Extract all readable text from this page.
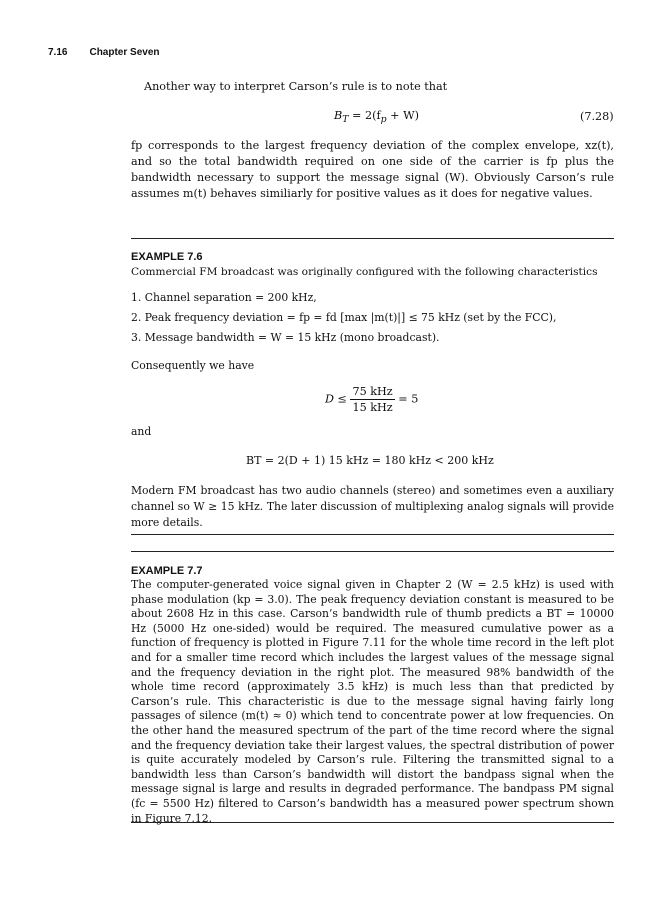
7.16 Chapter Seven
Another way to interpret Carson’s rule is to note that
$B_T = 2(f_p + W)$	(7.28)
fp corresponds to the largest frequency deviation of the complex envelope, xz(t), and so the total bandwidth required on one side of the carrier is fp plus the bandwidth necessary to support the message signal (W). Obviously Carson’s rule assumes m(t) behaves similiarly for positive values as it does for negative values.
EXAMPLE 7.6
Commercial FM broadcast was originally configured with the following characteristics
1. Channel separation = 200 kHz,
2. Peak frequency deviation = fp = fd [max |m(t)|] ≤ 75 kHz (set by the FCC),
3. Message bandwidth = W = 15 kHz (mono broadcast).
Consequently we have
$D \le \frac{\text{75 kHz}}{\text{15 kHz}} = 5$
and
BT = 2(D + 1) 15 kHz = 180 kHz < 200 kHz
Modern FM broadcast has two audio channels (stereo) and sometimes even a auxiliary channel so W ≥ 15 kHz. The later discussion of multiplexing analog signals will provide more details.
EXAMPLE 7.7
The computer-generated voice signal given in Chapter 2 (W = 2.5 kHz) is used with phase modulation (kp = 3.0). The peak frequency deviation constant is measured to be about 2608 Hz in this case. Carson’s bandwidth rule of thumb predicts a BT = 10000 Hz (5000 Hz one-sided) would be required. The measured cumulative power as a function of frequency is plotted in Figure 7.11 for the whole time record in the left plot and for a smaller time record which includes the largest values of the message signal and the frequency deviation in the right plot. The measured 98% bandwidth of the whole time record (approximately 3.5 kHz) is much less than that predicted by Carson’s rule. This characteristic is due to the message signal having fairly long passages of silence (m(t) ≈ 0) which tend to concentrate power at low frequencies. On the other hand the measured spectrum of the part of the time record where the signal and the frequency deviation take their largest values, the spectral distribution of power is quite accurately modeled by Carson’s rule. Filtering the transmitted signal to a bandwidth less than Carson’s bandwidth will distort the bandpass signal when the message signal is large and results in degraded performance. The bandpass PM signal (fc = 5500 Hz) filtered to Carson’s bandwidth has a measured power spectrum shown in Figure 7.12.
